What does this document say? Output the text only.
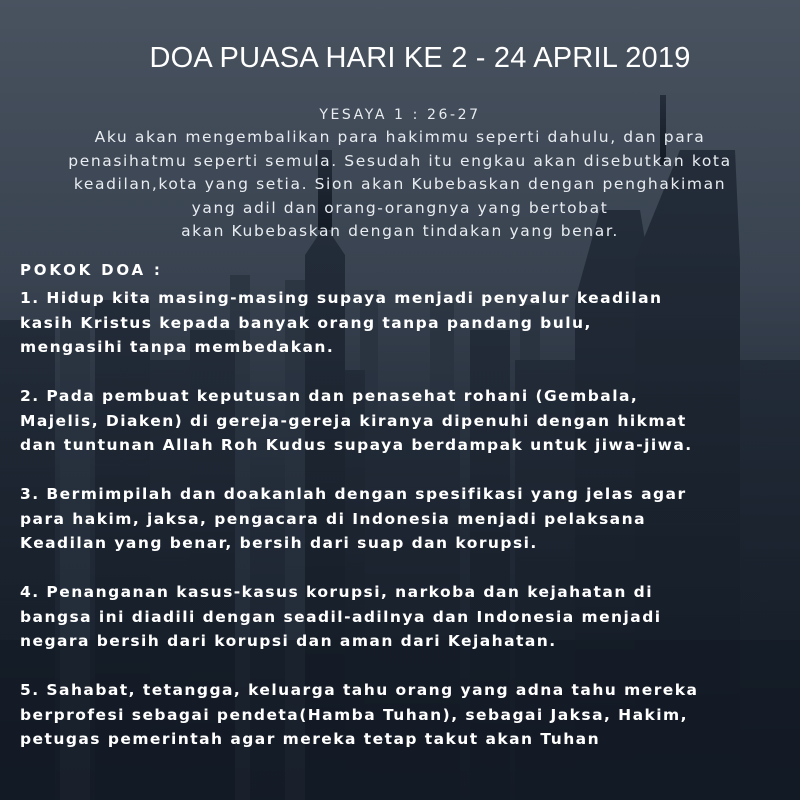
DOA PUASA HARI KE 2 - 24 APRIL 2019
YESAYA 1 : 26-27
Aku akan mengembalikan para hakimmu seperti dahulu, dan para
penasihatmu seperti semula. Sesudah itu engkau akan disebutkan kota
keadilan,kota yang setia. Sion akan Kubebaskan dengan penghakiman
yang adil dan orang-orangnya yang bertobat
akan Kubebaskan dengan tindakan yang benar.
POKOK DOA :
1. Hidup kita masing-masing supaya menjadi penyalur keadilan
kasih Kristus kepada banyak orang tanpa pandang bulu,
mengasihi tanpa membedakan.
2. Pada pembuat keputusan dan penasehat rohani (Gembala,
Majelis, Diaken) di gereja-gereja kiranya dipenuhi dengan hikmat
dan tuntunan Allah Roh Kudus supaya berdampak untuk jiwa-jiwa.
3. Bermimpilah dan doakanlah dengan spesifikasi yang jelas agar
para hakim, jaksa, pengacara di Indonesia menjadi pelaksana
Keadilan yang benar, bersih dari suap dan korupsi.
4. Penanganan kasus-kasus korupsi, narkoba dan kejahatan di
bangsa ini diadili dengan seadil-adilnya dan Indonesia menjadi
negara bersih dari korupsi dan aman dari Kejahatan.
5. Sahabat, tetangga, keluarga tahu orang yang adna tahu mereka
berprofesi sebagai pendeta(Hamba Tuhan), sebagai Jaksa, Hakim,
petugas pemerintah agar mereka tetap takut akan Tuhan
